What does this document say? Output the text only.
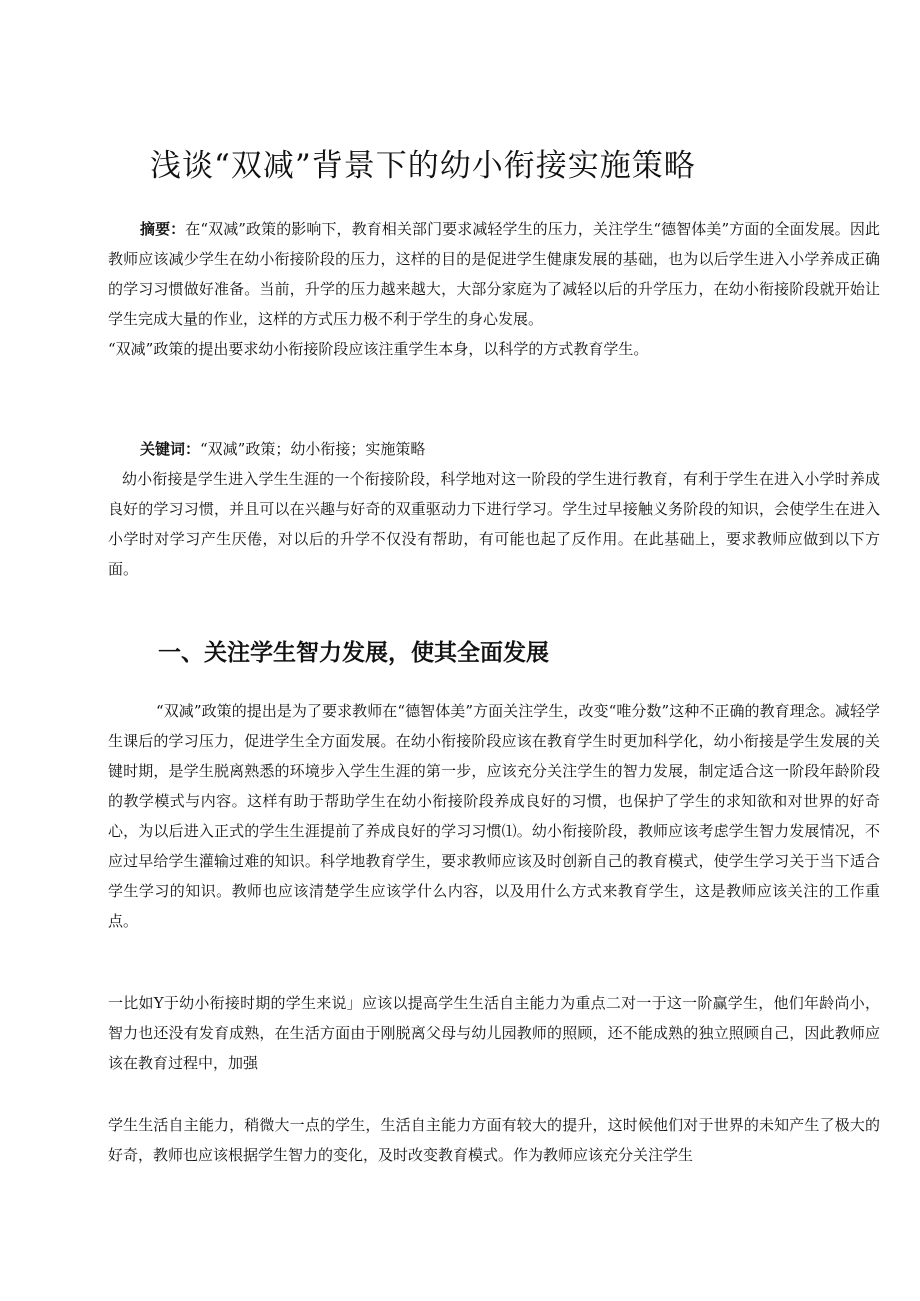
浅谈“双减”背景下的幼小衔接实施策略

摘要：在“双减”政策的影响下，教育相关部门要求减轻学生的压力，关注学生“德智体美”方面的全面发展。因此教师应该减少学生在幼小衔接阶段的压力，这样的目的是促进学生健康发展的基础，也为以后学生进入小学养成正确的学习习惯做好准备。当前，升学的压力越来越大，大部分家庭为了减轻以后的升学压力，在幼小衔接阶段就开始让学生完成大量的作业，这样的方式压力极不利于学生的身心发展。

“双减”政策的提出要求幼小衔接阶段应该注重学生本身，以科学的方式教育学生。

关键词：“双减”政策；幼小衔接；实施策略

幼小衔接是学生进入学生生涯的一个衔接阶段，科学地对这一阶段的学生进行教育，有利于学生在进入小学时养成良好的学习习惯，并且可以在兴趣与好奇的双重驱动力下进行学习。学生过早接触义务阶段的知识，会使学生在进入小学时对学习产生厌倦，对以后的升学不仅没有帮助，有可能也起了反作用。在此基础上，要求教师应做到以下方面。

一、关注学生智力发展，使其全面发展

“双减”政策的提出是为了要求教师在“德智体美”方面关注学生，改变“唯分数”这种不正确的教育理念。减轻学生课后的学习压力，促进学生全方面发展。在幼小衔接阶段应该在教育学生时更加科学化，幼小衔接是学生发展的关键时期，是学生脱离熟悉的环境步入学生生涯的第一步，应该充分关注学生的智力发展，制定适合这一阶段年龄阶段的教学模式与内容。这样有助于帮助学生在幼小衔接阶段养成良好的习惯，也保护了学生的求知欲和对世界的好奇心，为以后进入正式的学生生涯提前了养成良好的学习习惯⑴。幼小衔接阶段，教师应该考虑学生智力发展情况，不应过早给学生灌输过难的知识。科学地教育学生，要求教师应该及时创新自己的教育模式，使学生学习关于当下适合学生学习的知识。教师也应该清楚学生应该学什么内容，以及用什么方式来教育学生，这是教师应该关注的工作重点。

一比如Y于幼小衔接时期的学生来说」应该以提高学生生活自主能力为重点二对一于这一阶赢学生，他们年龄尚小，智力也还没有发育成熟，在生活方面由于刚脱离父母与幼儿园教师的照顾，还不能成熟的独立照顾自己，因此教师应该在教育过程中，加强

学生生活自主能力，稍微大一点的学生，生活自主能力方面有较大的提升，这时候他们对于世界的未知产生了极大的好奇，教师也应该根据学生智力的变化，及时改变教育模式。作为教师应该充分关注学生
